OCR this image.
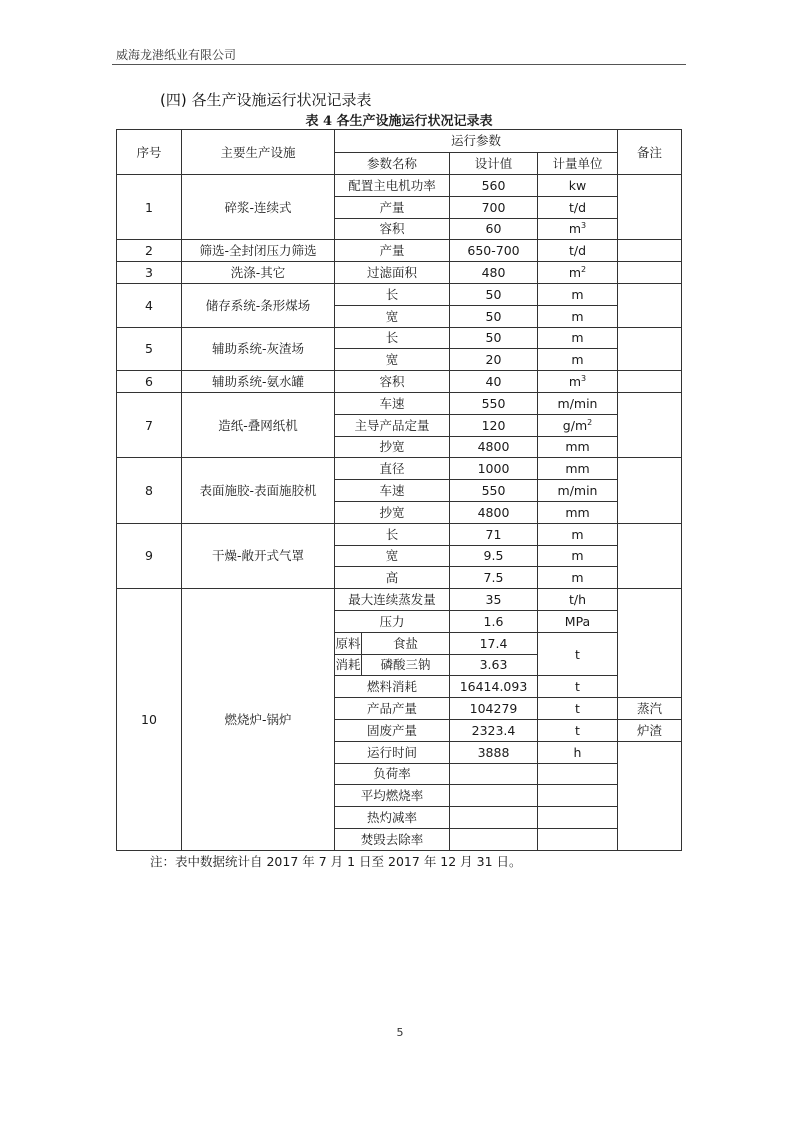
威海龙港纸业有限公司
(四) 各生产设施运行状况记录表
表 4 各生产设施运行状况记录表
序号	主要生产设施	运行参数				备注
		参数名称		设计值	计量单位	
1	碎浆-连续式	配置主电机功率		560	kw	
		产量		700	t/d	
		容积		60	$m^3$
2	筛选-全封闭压力筛选	产量		650-700	t/d	
3	洗涤-其它	过滤面积		480	$m^2$	
4	储存系统-条形煤场	长		50	m	
		宽		50	m	
5	辅助系统-灰渣场	长		50	m	
		宽		20	m	
6	辅助系统-氨水罐	容积		40	$m^3$	
7	造纸-叠网纸机	车速		550	m/min	
		主导产品定量		120	$g/m^2$
		抄宽		4800	mm	
8	表面施胶-表面施胶机	直径		1000	mm	
		车速		550	m/min	
		抄宽		4800	mm	
9	干燥-敞开式气罩	长		71	m	
		宽		9.5	m	
		高		7.5	m	
10	燃烧炉-锅炉	最大连续蒸发量		35	t/h	
		压力		1.6	MPa	
		原料	食盐	17.4	t	
		消耗	磷酸三钠	3.63		
		燃料消耗		16414.093	t	
		产品产量		104279	t	蒸汽
		固废产量		2323.4	t	炉渣
		运行时间		3888	h	
		负荷率				
		平均燃烧率				
		热灼减率				
		焚毁去除率				
注：表中数据统计自 2017 年 7 月 1 日至 2017 年 12 月 31 日。
5
